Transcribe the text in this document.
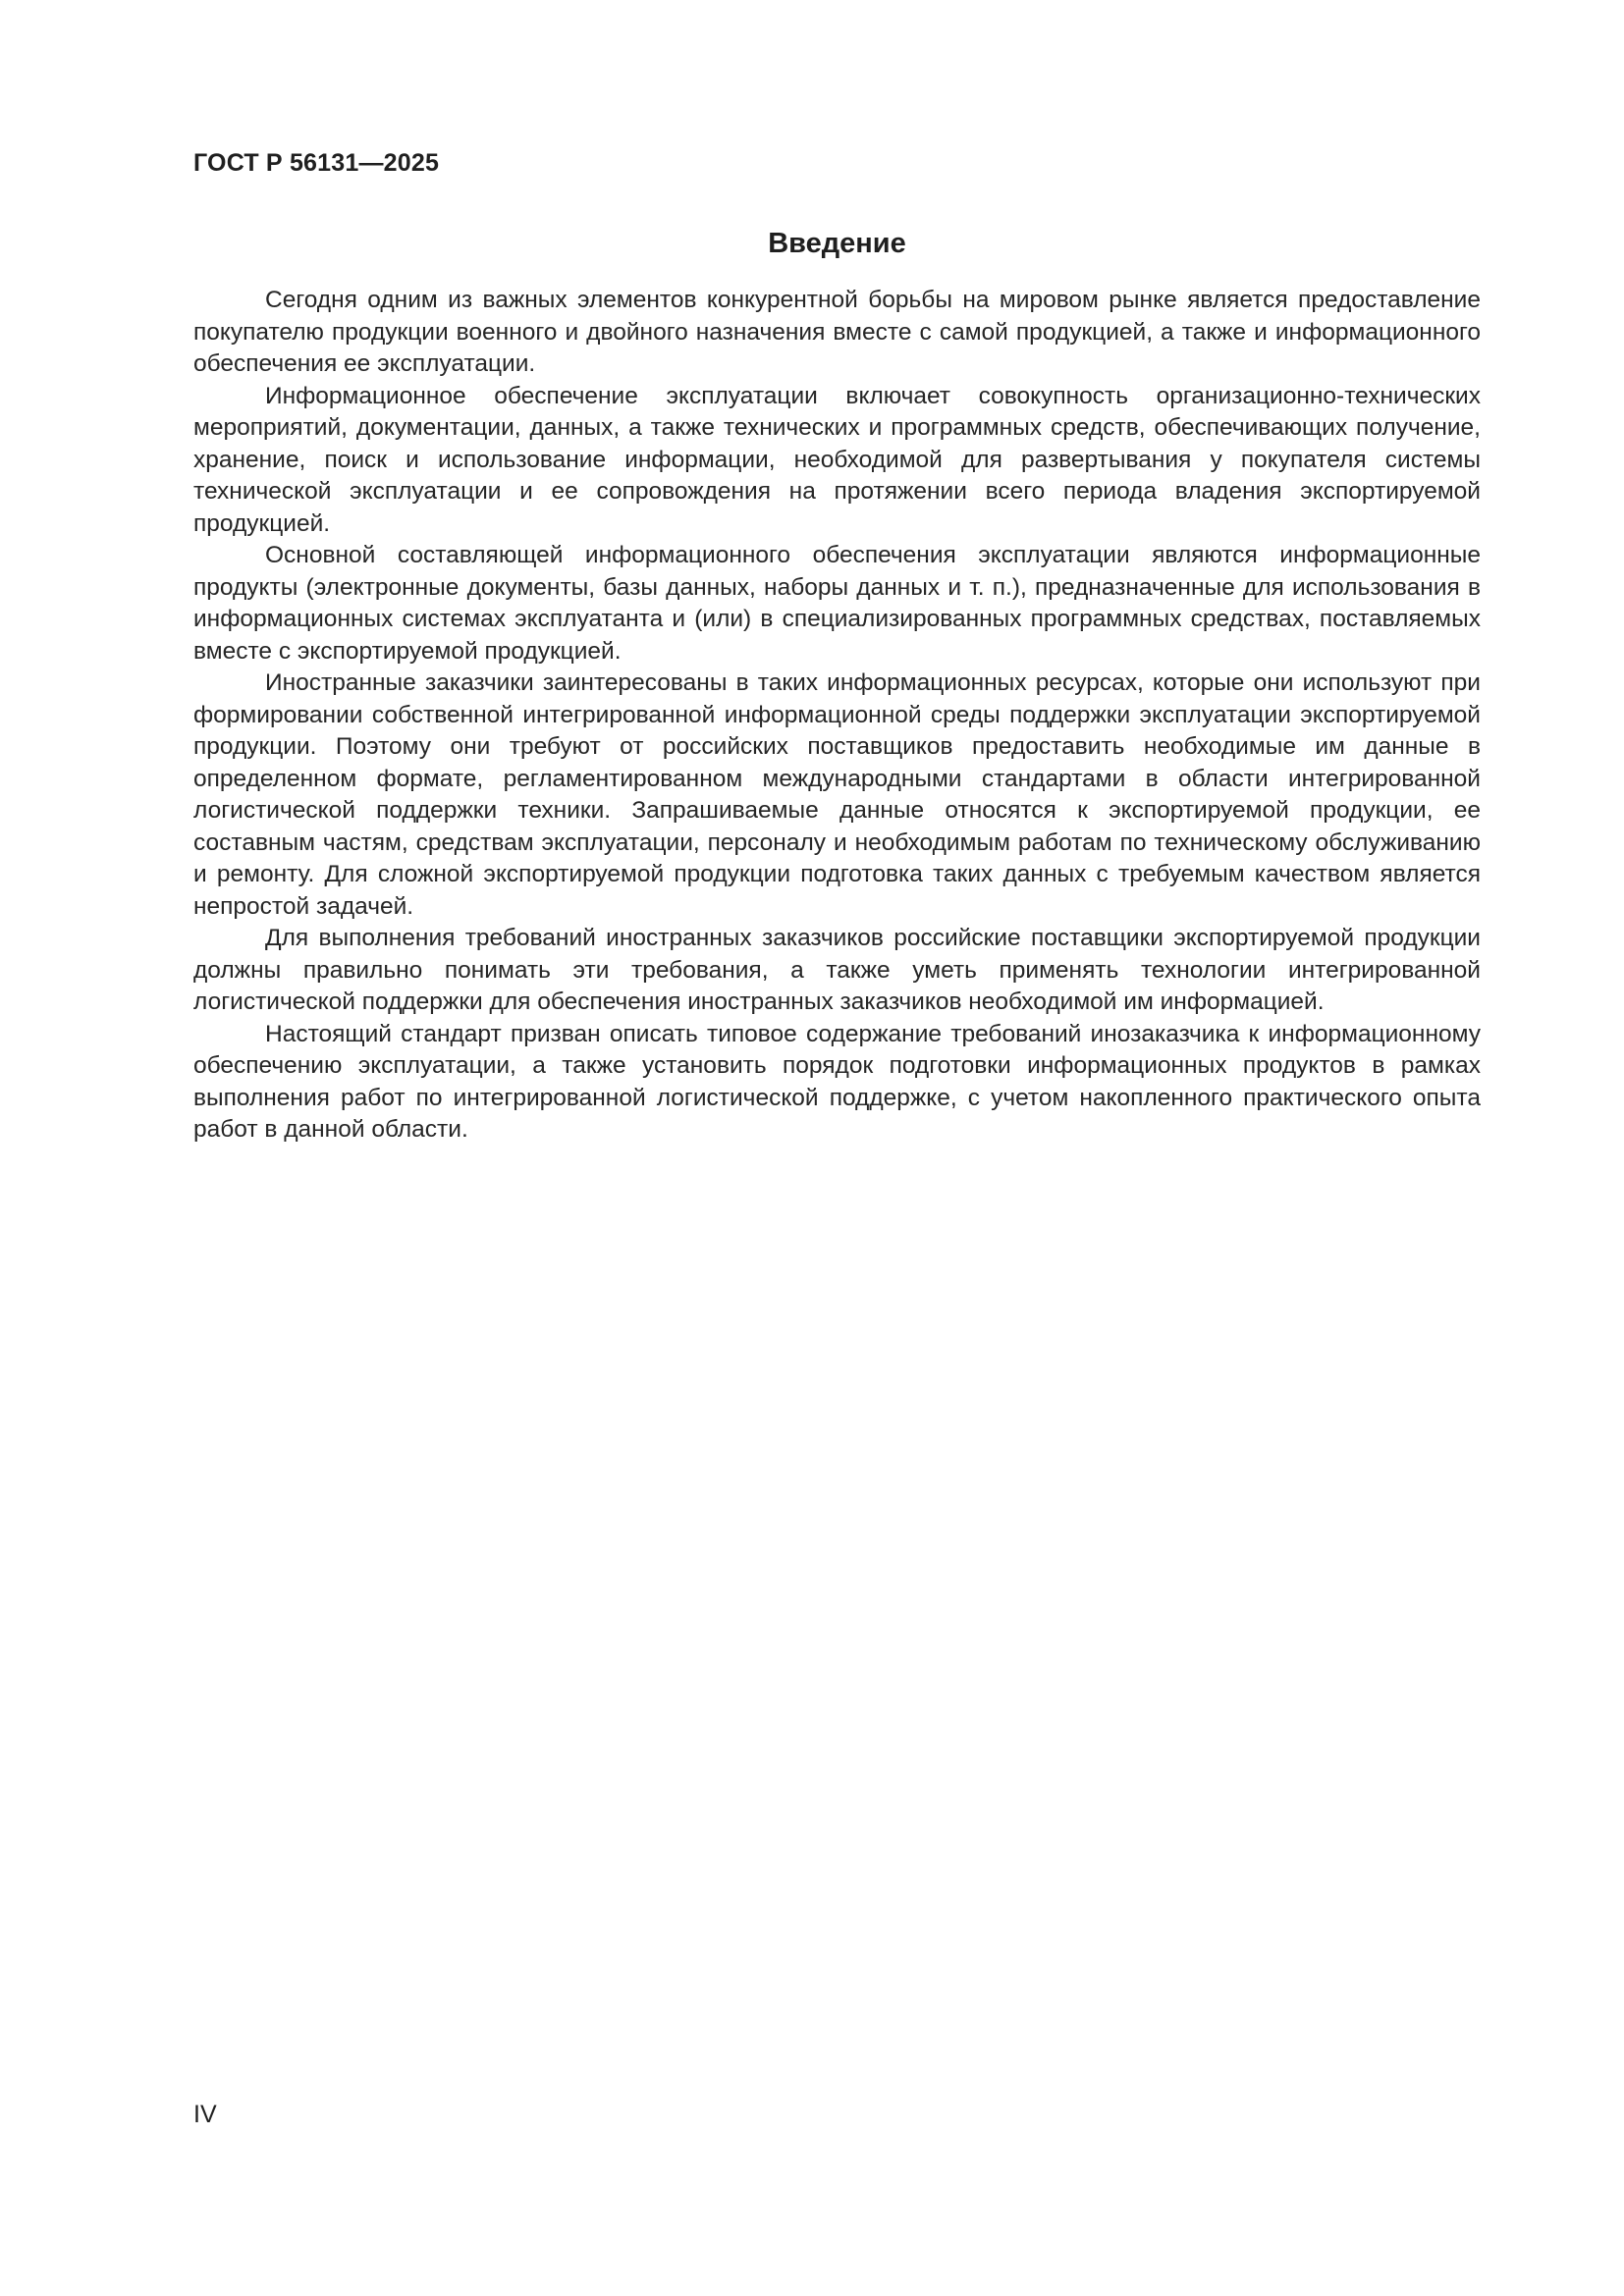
ГОСТ Р 56131—2025
Введение

Сегодня одним из важных элементов конкурентной борьбы на мировом рынке является предоставление покупателю продукции военного и двойного назначения вместе с самой продукцией, а также и информационного обеспечения ее эксплуатации.

Информационное обеспечение эксплуатации включает совокупность организационно-технических мероприятий, документации, данных, а также технических и программных средств, обеспечивающих получение, хранение, поиск и использование информации, необходимой для развертывания у покупателя системы технической эксплуатации и ее сопровождения на протяжении всего периода владения экспортируемой продукцией.

Основной составляющей информационного обеспечения эксплуатации являются информационные продукты (электронные документы, базы данных, наборы данных и т. п.), предназначенные для использования в информационных системах эксплуатанта и (или) в специализированных программных средствах, поставляемых вместе с экспортируемой продукцией.

Иностранные заказчики заинтересованы в таких информационных ресурсах, которые они используют при формировании собственной интегрированной информационной среды поддержки эксплуатации экспортируемой продукции. Поэтому они требуют от российских поставщиков предоставить необходимые им данные в определенном формате, регламентированном международными стандартами в области интегрированной логистической поддержки техники. Запрашиваемые данные относятся к экспортируемой продукции, ее составным частям, средствам эксплуатации, персоналу и необходимым работам по техническому обслуживанию и ремонту. Для сложной экспортируемой продукции подготовка таких данных с требуемым качеством является непростой задачей.

Для выполнения требований иностранных заказчиков российские поставщики экспортируемой продукции должны правильно понимать эти требования, а также уметь применять технологии интегрированной логистической поддержки для обеспечения иностранных заказчиков необходимой им информацией.

Настоящий стандарт призван описать типовое содержание требований инозаказчика к информационному обеспечению эксплуатации, а также установить порядок подготовки информационных продуктов в рамках выполнения работ по интегрированной логистической поддержке, с учетом накопленного практического опыта работ в данной области.

IV
